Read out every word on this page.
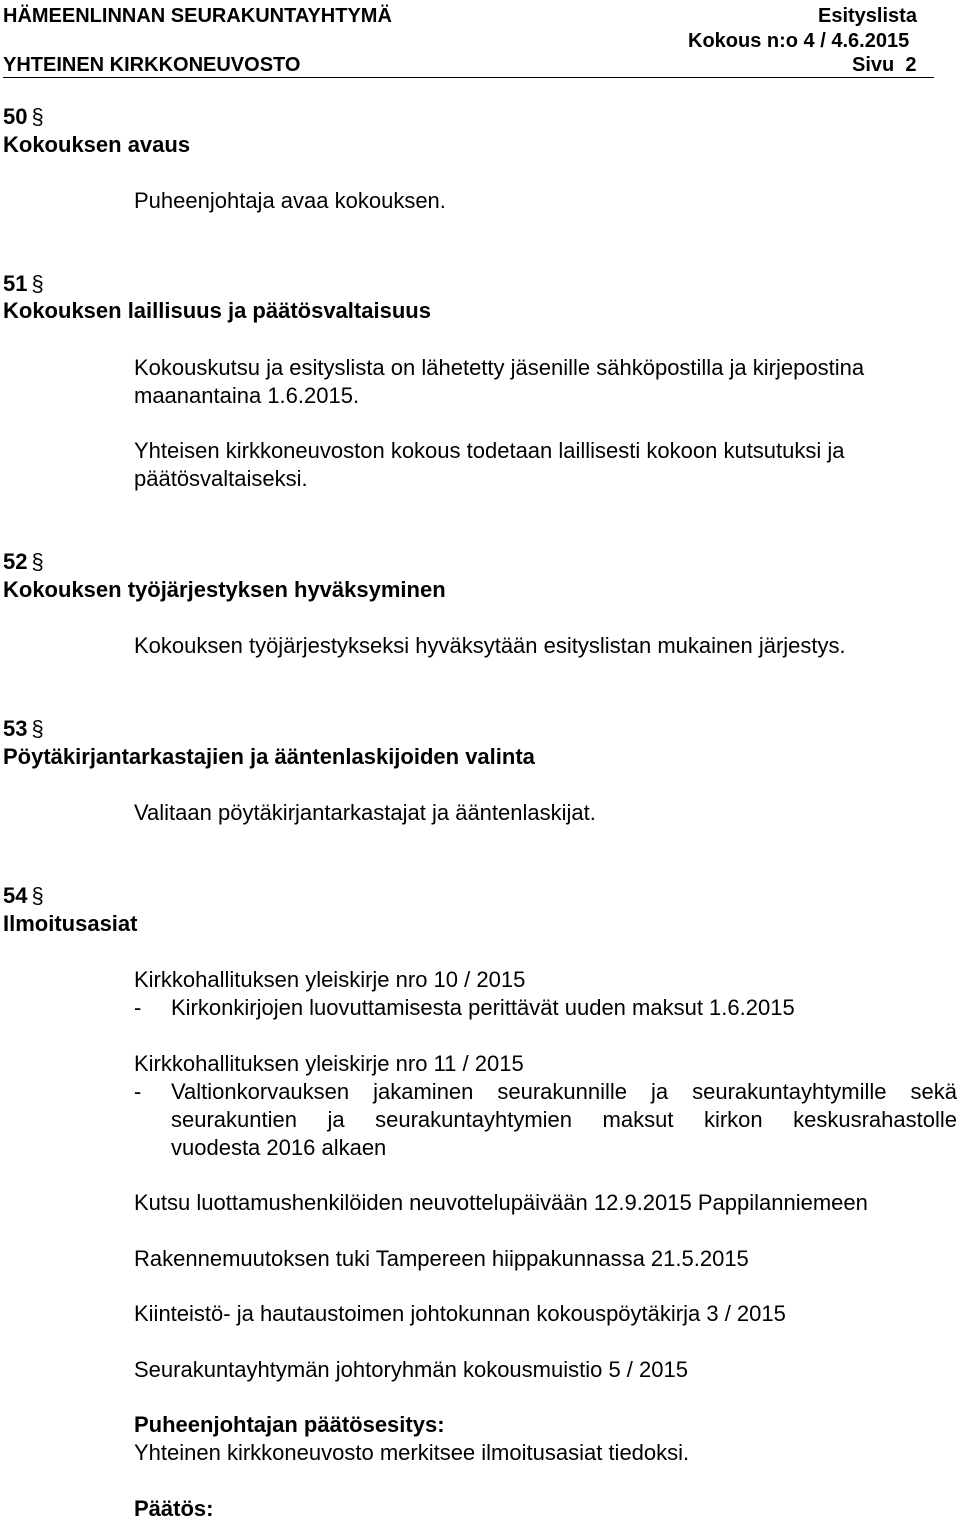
HÄMEENLINNAN SEURAKUNTAYHTYMÄ	Esityslista
Kokous n:o 4 / 4.6.2015
YHTEINEN KIRKKONEUVOSTO	Sivu 2
50 §
Kokouksen avaus
Puheenjohtaja avaa kokouksen.
51 §
Kokouksen laillisuus ja päätösvaltaisuus
Kokouskutsu ja esityslista on lähetetty jäsenille sähköpostilla ja kirjepostina
maanantaina 1.6.2015.
Yhteisen kirkkoneuvoston kokous todetaan laillisesti kokoon kutsutuksi ja
päätösvaltaiseksi.
52 §
Kokouksen työjärjestyksen hyväksyminen
Kokouksen työjärjestykseksi hyväksytään esityslistan mukainen järjestys.
53 §
Pöytäkirjantarkastajien ja ääntenlaskijoiden valinta
Valitaan pöytäkirjantarkastajat ja ääntenlaskijat.
54 §
Ilmoitusasiat
Kirkkohallituksen yleiskirje nro 10 / 2015
- Kirkonkirjojen luovuttamisesta perittävät uuden maksut 1.6.2015
Kirkkohallituksen yleiskirje nro 11 / 2015
- Valtionkorvauksen jakaminen seurakunnille ja seurakuntayhtymille sekä
seurakuntien ja seurakuntayhtymien maksut kirkon keskusrahastolle
vuodesta 2016 alkaen
Kutsu luottamushenkilöiden neuvottelupäivään 12.9.2015 Pappilanniemeen
Rakennemuutoksen tuki Tampereen hiippakunnassa 21.5.2015
Kiinteistö- ja hautaustoimen johtokunnan kokouspöytäkirja 3 / 2015
Seurakuntayhtymän johtoryhmän kokousmuistio 5 / 2015
Puheenjohtajan päätösesitys:
Yhteinen kirkkoneuvosto merkitsee ilmoitusasiat tiedoksi.
Päätös:
